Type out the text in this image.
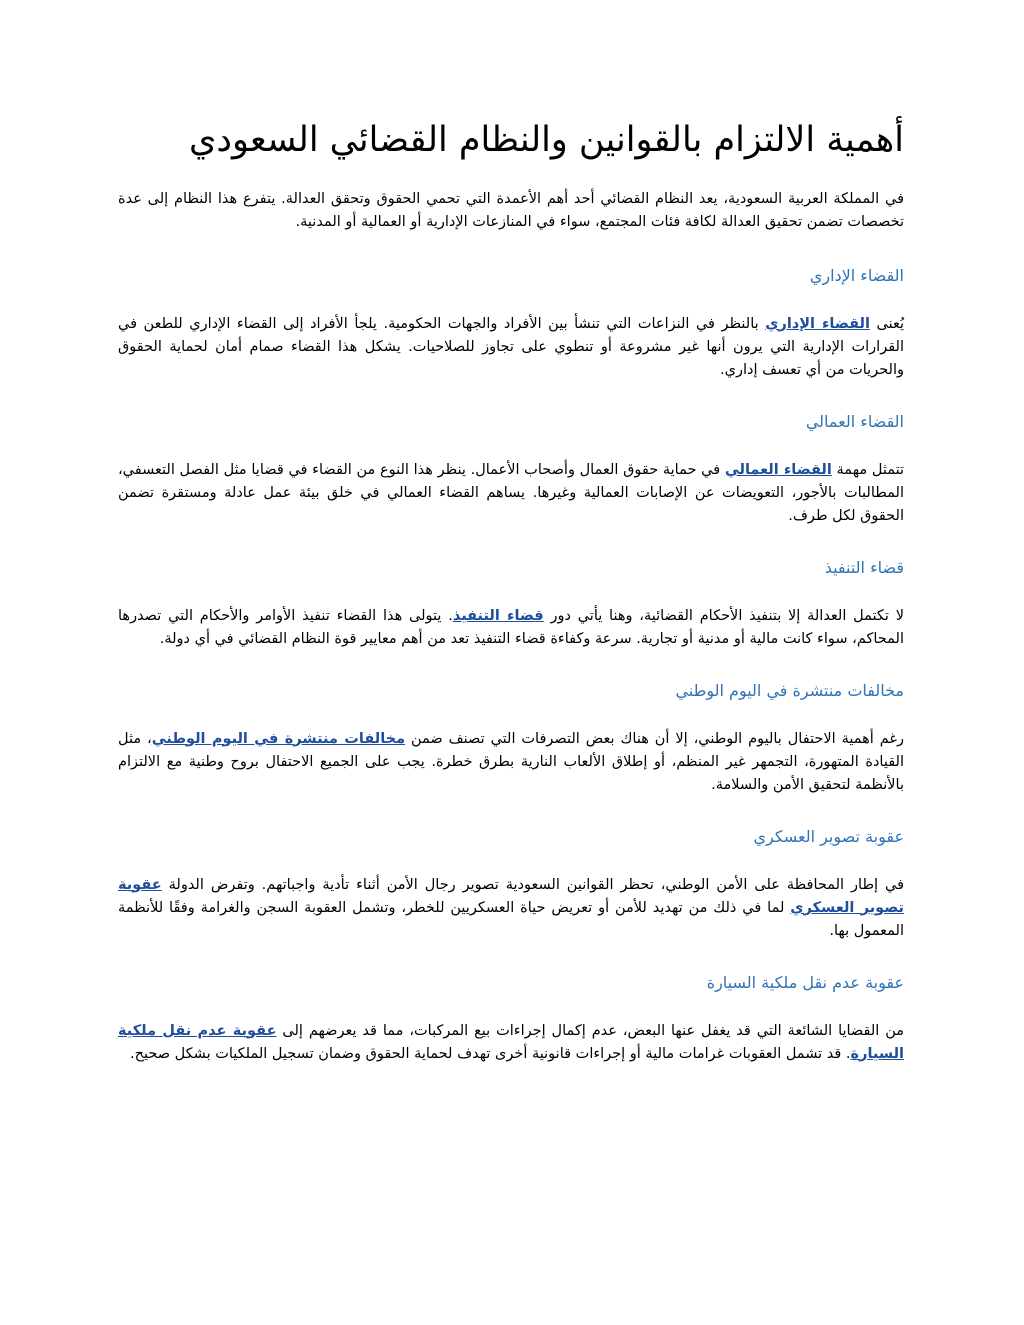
أهمية الالتزام بالقوانين والنظام القضائي السعودي

في المملكة العربية السعودية، يعد النظام القضائي أحد أهم الأعمدة التي تحمي الحقوق وتحقق العدالة. يتفرع هذا النظام إلى عدة تخصصات تضمن تحقيق العدالة لكافة فئات المجتمع، سواء في المنازعات الإدارية أو العمالية أو المدنية.

القضاء الإداري

يُعنى القضاء الإداري بالنظر في النزاعات التي تنشأ بين الأفراد والجهات الحكومية. يلجأ الأفراد إلى القضاء الإداري للطعن في القرارات الإدارية التي يرون أنها غير مشروعة أو تنطوي على تجاوز للصلاحيات. يشكل هذا القضاء صمام أمان لحماية الحقوق والحريات من أي تعسف إداري.

القضاء العمالي

تتمثل مهمة القضاء العمالي في حماية حقوق العمال وأصحاب الأعمال. ينظر هذا النوع من القضاء في قضايا مثل الفصل التعسفي، المطالبات بالأجور، التعويضات عن الإصابات العمالية وغيرها. يساهم القضاء العمالي في خلق بيئة عمل عادلة ومستقرة تضمن الحقوق لكل طرف.

قضاء التنفيذ

لا تكتمل العدالة إلا بتنفيذ الأحكام القضائية، وهنا يأتي دور قضاء التنفيذ. يتولى هذا القضاء تنفيذ الأوامر والأحكام التي تصدرها المحاكم، سواء كانت مالية أو مدنية أو تجارية. سرعة وكفاءة قضاء التنفيذ تعد من أهم معايير قوة النظام القضائي في أي دولة.

مخالفات منتشرة في اليوم الوطني

رغم أهمية الاحتفال باليوم الوطني، إلا أن هناك بعض التصرفات التي تصنف ضمن مخالفات منتشرة في اليوم الوطني، مثل القيادة المتهورة، التجمهر غير المنظم، أو إطلاق الألعاب النارية بطرق خطرة. يجب على الجميع الاحتفال بروح وطنية مع الالتزام بالأنظمة لتحقيق الأمن والسلامة.

عقوبة تصوير العسكري

في إطار المحافظة على الأمن الوطني، تحظر القوانين السعودية تصوير رجال الأمن أثناء تأدية واجباتهم. وتفرض الدولة عقوبة تصوير العسكري لما في ذلك من تهديد للأمن أو تعريض حياة العسكريين للخطر، وتشمل العقوبة السجن والغرامة وفقًا للأنظمة المعمول بها.

عقوبة عدم نقل ملكية السيارة

من القضايا الشائعة التي قد يغفل عنها البعض، عدم إكمال إجراءات بيع المركبات، مما قد يعرضهم إلى عقوبة عدم نقل ملكية السيارة. قد تشمل العقوبات غرامات مالية أو إجراءات قانونية أخرى تهدف لحماية الحقوق وضمان تسجيل الملكيات بشكل صحيح.
